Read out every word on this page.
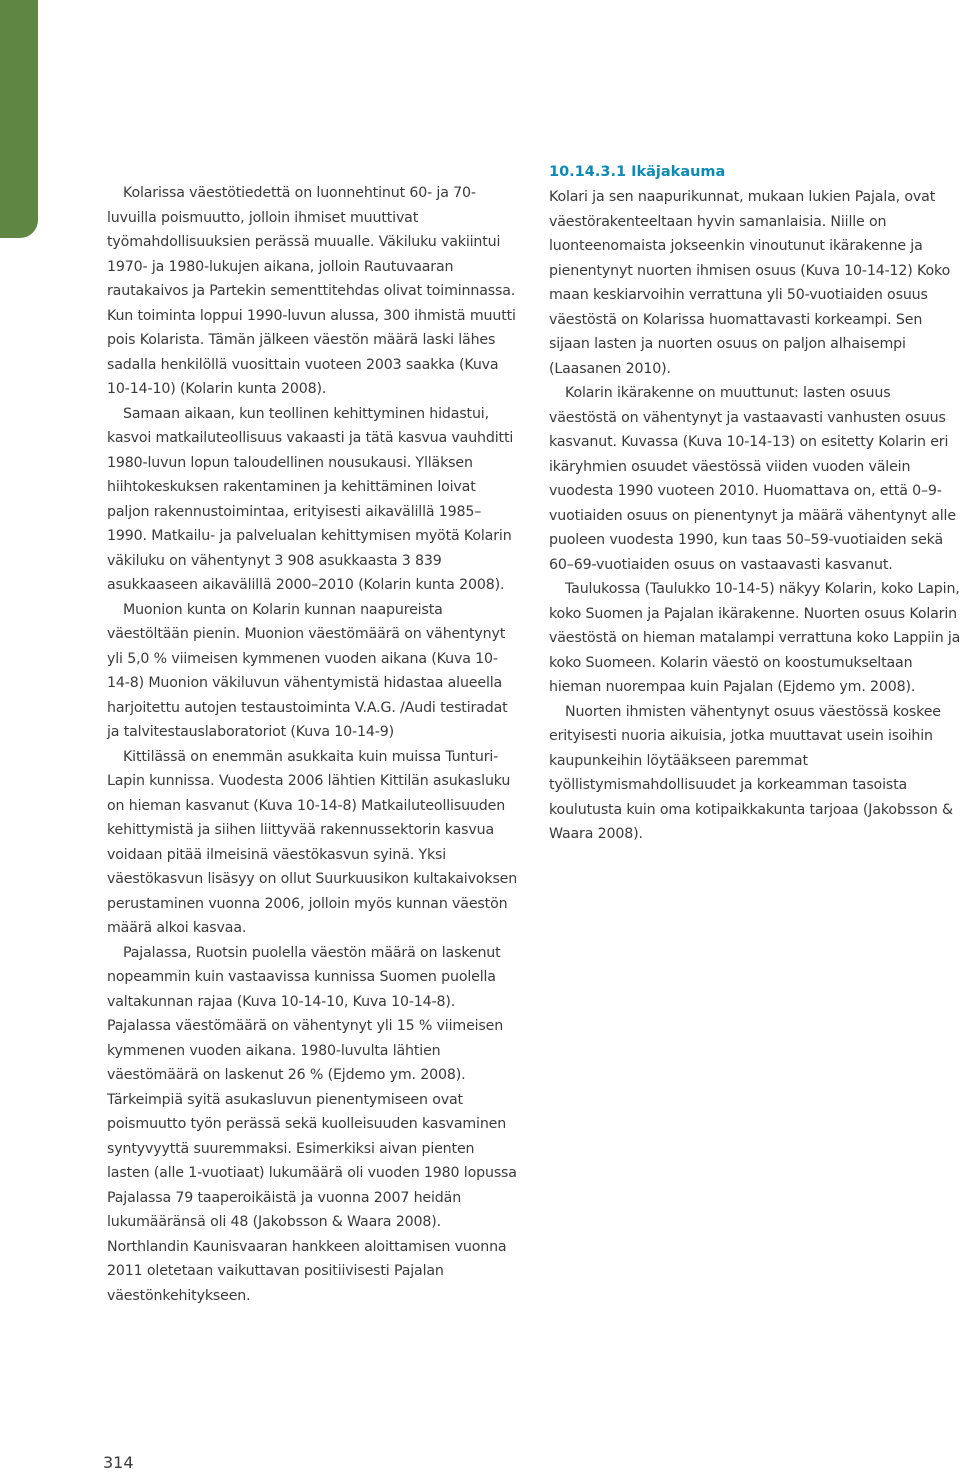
Kolarissa väestötiedettä on luonnehtinut 60- ja 70-luvuilla poismuutto, jolloin ihmiset muuttivat työmahdollisuuksien perässä muualle. Väkiluku vakiintui 1970- ja 1980-lukujen aikana, jolloin Rautuvaaran rautakaivos ja Partekin sementtitehdas olivat toiminnassa. Kun toiminta loppui 1990-luvun alussa, 300 ihmistä muutti pois Kolarista. Tämän jälkeen väestön määrä laski lähes sadalla henkilöllä vuosittain vuoteen 2003 saakka (Kuva 10-14-10) (Kolarin kunta 2008).

Samaan aikaan, kun teollinen kehittyminen hidastui, kasvoi matkailuteollisuus vakaasti ja tätä kasvua vauhditti 1980-luvun lopun taloudellinen nousukausi. Ylläksen hiihtokeskuksen rakentaminen ja kehittäminen loivat paljon rakennustoimintaa, erityisesti aikavälillä 1985–1990. Matkailu- ja palvelualan kehittymisen myötä Kolarin väkiluku on vähentynyt 3 908 asukkaasta 3 839 asukkaaseen aikavälillä 2000–2010 (Kolarin kunta 2008).

Muonion kunta on Kolarin kunnan naapureista väestöltään pienin. Muonion väestömäärä on vähentynyt yli 5,0 % viimeisen kymmenen vuoden aikana (Kuva 10-14-8) Muonion väkiluvun vähentymistä hidastaa alueella harjoitettu autojen testaustoiminta V.A.G. /Audi testiradat ja talvitestauslaboratoriot (Kuva 10-14-9)

Kittilässä on enemmän asukkaita kuin muissa Tunturi-Lapin kunnissa. Vuodesta 2006 lähtien Kittilän asukasluku on hieman kasvanut (Kuva 10-14-8) Matkailuteollisuuden kehittymistä ja siihen liittyvää rakennussektorin kasvua voidaan pitää ilmeisinä väestökasvun syinä. Yksi väestökasvun lisäsyy on ollut Suurkuusikon kultakaivoksen perustaminen vuonna 2006, jolloin myös kunnan väestön määrä alkoi kasvaa.

Pajalassa, Ruotsin puolella väestön määrä on laskenut nopeammin kuin vastaavissa kunnissa Suomen puolella valtakunnan rajaa (Kuva 10-14-10, Kuva 10-14-8). Pajalassa väestömäärä on vähentynyt yli 15 % viimeisen kymmenen vuoden aikana. 1980-luvulta lähtien väestömäärä on laskenut 26 % (Ejdemo ym. 2008). Tärkeimpiä syitä asukasluvun pienentymiseen ovat poismuutto työn perässä sekä kuolleisuuden kasvaminen syntyvyyttä suuremmaksi. Esimerkiksi aivan pienten lasten (alle 1-vuotiaat) lukumäärä oli vuoden 1980 lopussa Pajalassa 79 taaperoikäistä ja vuonna 2007 heidän lukumääränsä oli 48 (Jakobsson & Waara 2008). Northlandin Kaunisvaaran hankkeen aloittamisen vuonna 2011 oletetaan vaikuttavan positiivisesti Pajalan väestönkehitykseen.

10.14.3.1 Ikäjakauma

Kolari ja sen naapurikunnat, mukaan lukien Pajala, ovat väestörakenteeltaan hyvin samanlaisia. Niille on luonteenomaista jokseenkin vinoutunut ikärakenne ja pienentynyt nuorten ihmisen osuus (Kuva 10-14-12) Koko maan keskiarvoihin verrattuna yli 50-vuotiaiden osuus väestöstä on Kolarissa huomattavasti korkeampi. Sen sijaan lasten ja nuorten osuus on paljon alhaisempi (Laasanen 2010).

Kolarin ikärakenne on muuttunut: lasten osuus väestöstä on vähentynyt ja vastaavasti vanhusten osuus kasvanut. Kuvassa (Kuva 10-14-13) on esitetty Kolarin eri ikäryhmien osuudet väestössä viiden vuoden välein vuodesta 1990 vuoteen 2010. Huomattava on, että 0–9-vuotiaiden osuus on pienentynyt ja määrä vähentynyt alle puoleen vuodesta 1990, kun taas 50–59-vuotiaiden sekä 60–69-vuotiaiden osuus on vastaavasti kasvanut.

Taulukossa (Taulukko 10-14-5) näkyy Kolarin, koko Lapin, koko Suomen ja Pajalan ikärakenne. Nuorten osuus Kolarin väestöstä on hieman matalampi verrattuna koko Lappiin ja koko Suomeen. Kolarin väestö on koostumukseltaan hieman nuorempaa kuin Pajalan (Ejdemo ym. 2008).

Nuorten ihmisten vähentynyt osuus väestössä koskee erityisesti nuoria aikuisia, jotka muuttavat usein isoihin kaupunkeihin löytääkseen paremmat työllistymismahdollisuudet ja korkeamman tasoista koulutusta kuin oma kotipaikkakunta tarjoaa (Jakobsson & Waara 2008).

314
